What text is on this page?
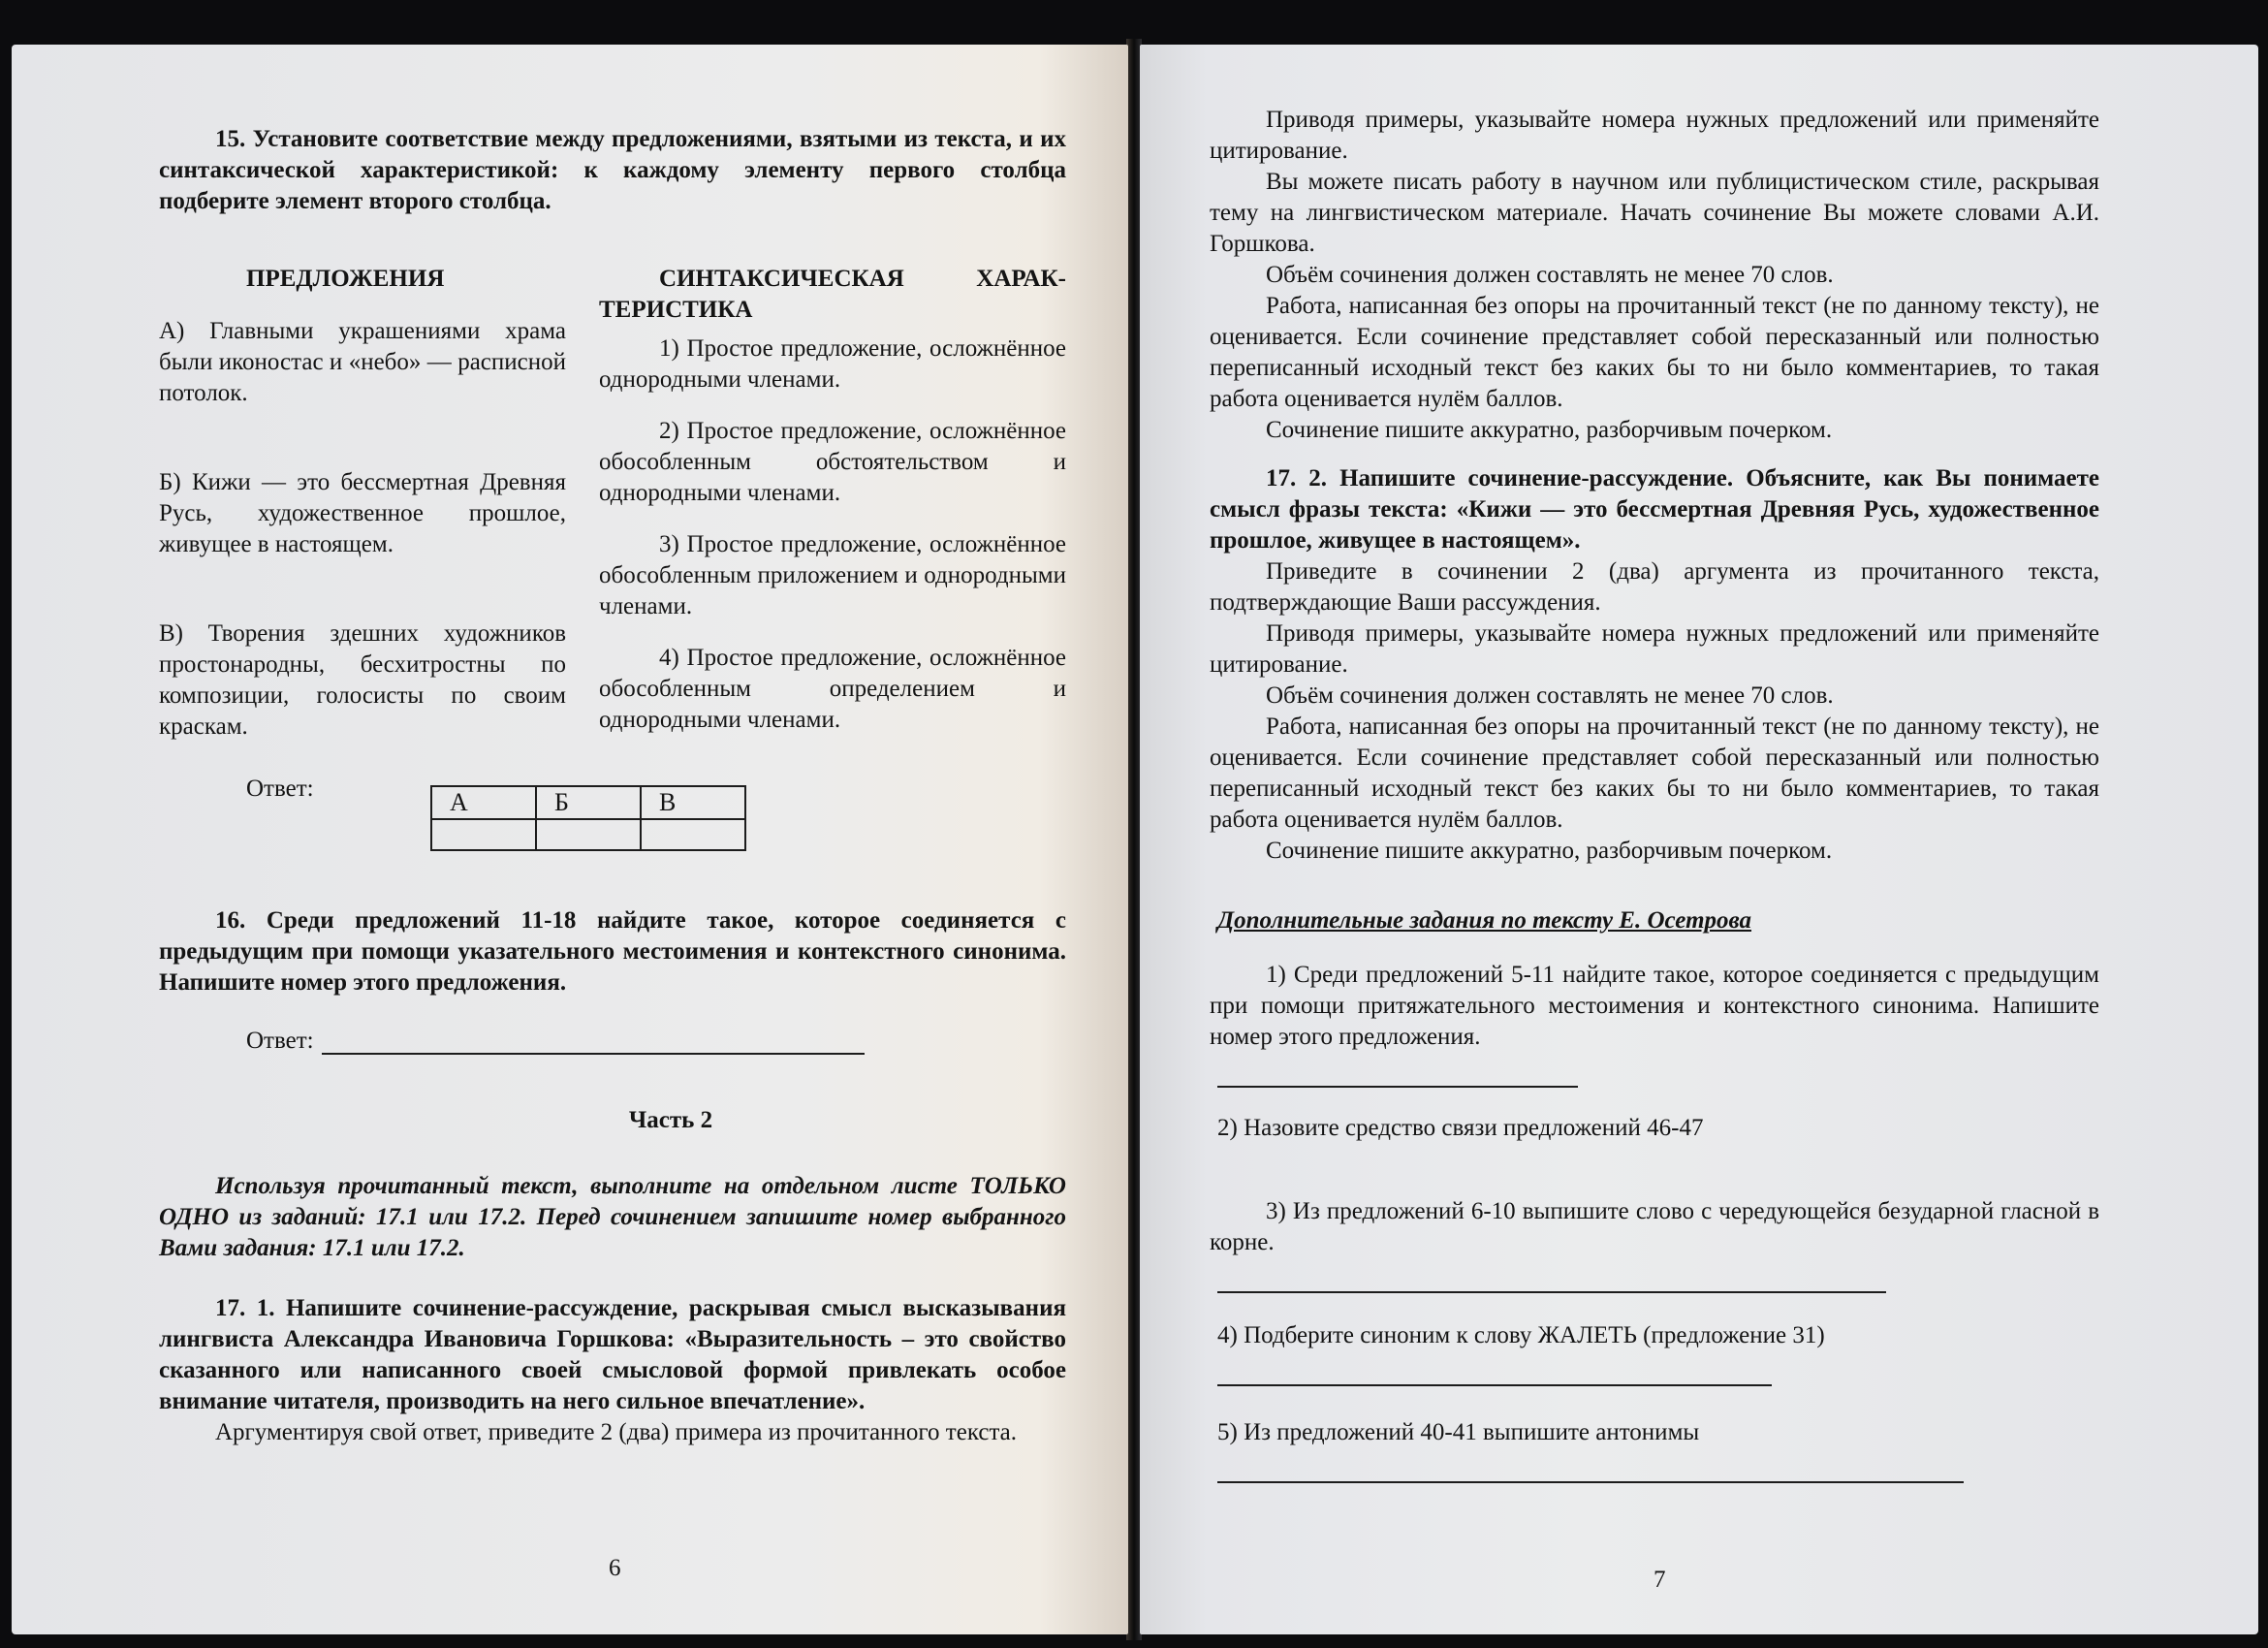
15. Установите соответствие между предложениями, взятыми из текста, и их синтаксической характеристикой: к каждому элементу первого столбца подберите элемент второго столбца.

ПРЕДЛОЖЕНИЯ

А) Главными украшениями храма были иконостас и «небо» — расписной потолок.

Б) Кижи — это бессмертная Древняя Русь, художественное прошлое, живущее в настоящем.

В) Творения здешних художников простонародны, бесхитростны по композиции, голосисты по своим краскам.

СИНТАКСИЧЕСКАЯ ХАРАКТЕРИСТИКА

1) Простое предложение, осложнённое однородными членами.

2) Простое предложение, осложнённое обособленным обстоятельством и однородными членами.

3) Простое предложение, осложнённое обособленным приложением и однородными членами.

4) Простое предложение, осложнённое обособленным определением и однородными членами.

Ответ:	А	Б	В

16. Среди предложений 11-18 найдите такое, которое соединяется с предыдущим при помощи указательного местоимения и контекстного синонима. Напишите номер этого предложения.

Ответ:

Часть 2

Используя прочитанный текст, выполните на отдельном листе ТОЛЬКО ОДНО из заданий: 17.1 или 17.2. Перед сочинением запишите номер выбранного Вами задания: 17.1 или 17.2.

17. 1. Напишите сочинение-рассуждение, раскрывая смысл высказывания лингвиста Александра Ивановича Горшкова: «Выразительность – это свойство сказанного или написанного своей смысловой формой привлекать особое внимание читателя, производить на него сильное впечатление».

Аргументируя свой ответ, приведите 2 (два) примера из прочитанного текста.

6

Приводя примеры, указывайте номера нужных предложений или применяйте цитирование.

Вы можете писать работу в научном или публицистическом стиле, раскрывая тему на лингвистическом материале. Начать сочинение Вы можете словами А.И. Горшкова.

Объём сочинения должен составлять не менее 70 слов.

Работа, написанная без опоры на прочитанный текст (не по данному тексту), не оценивается. Если сочинение представляет собой пересказанный или полностью переписанный исходный текст без каких бы то ни было комментариев, то такая работа оценивается нулём баллов.

Сочинение пишите аккуратно, разборчивым почерком.

17. 2. Напишите сочинение-рассуждение. Объясните, как Вы понимаете смысл фразы текста: «Кижи — это бессмертная Древняя Русь, художественное прошлое, живущее в настоящем».

Приведите в сочинении 2 (два) аргумента из прочитанного текста, подтверждающие Ваши рассуждения.

Приводя примеры, указывайте номера нужных предложений или применяйте цитирование.

Объём сочинения должен составлять не менее 70 слов.

Работа, написанная без опоры на прочитанный текст (не по данному тексту), не оценивается. Если сочинение представляет собой пересказанный или полностью переписанный исходный текст без каких бы то ни было комментариев, то такая работа оценивается нулём баллов.

Сочинение пишите аккуратно, разборчивым почерком.

Дополнительные задания по тексту Е. Осетрова

1) Среди предложений 5-11 найдите такое, которое соединяется с предыдущим при помощи притяжательного местоимения и контекстного синонима. Напишите номер этого предложения.

2) Назовите средство связи предложений 46-47

3) Из предложений 6-10 выпишите слово с чередующейся безударной гласной в корне.

4) Подберите синоним к слову ЖАЛЕТЬ (предложение 31)

5) Из предложений 40-41 выпишите антонимы

7
